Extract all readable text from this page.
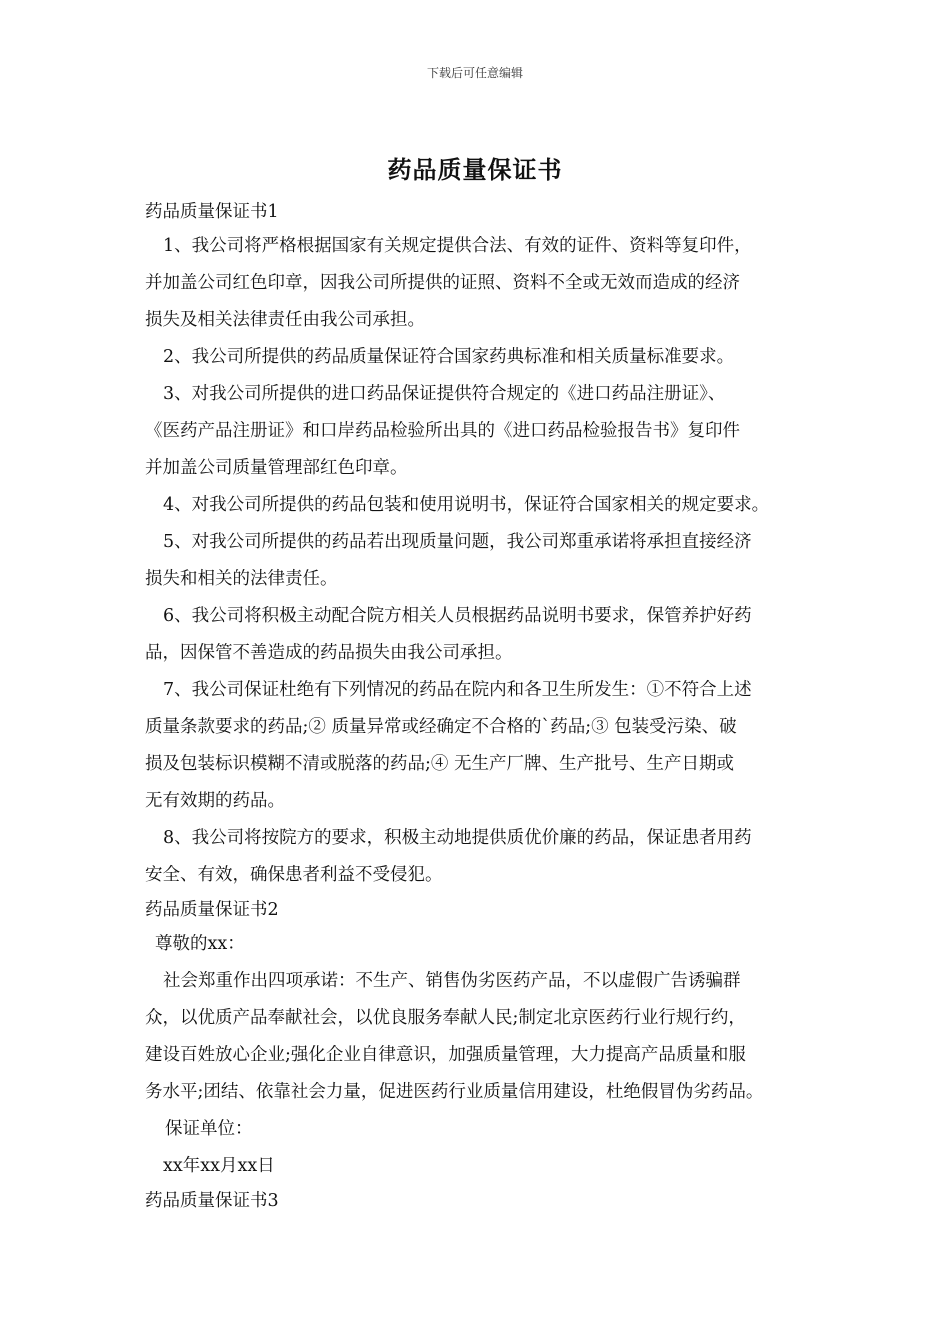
下载后可任意编辑
药品质量保证书
药品质量保证书1
1、我公司将严格根据国家有关规定提供合法、有效的证件、资料等复印件，
并加盖公司红色印章，因我公司所提供的证照、资料不全或无效而造成的经济
损失及相关法律责任由我公司承担。
2、我公司所提供的药品质量保证符合国家药典标准和相关质量标准要求。
3、对我公司所提供的进口药品保证提供符合规定的《进口药品注册证》、
《医药产品注册证》和口岸药品检验所出具的《进口药品检验报告书》复印件
并加盖公司质量管理部红色印章。
4、对我公司所提供的药品包装和使用说明书，保证符合国家相关的规定要求。
5、对我公司所提供的药品若出现质量问题，我公司郑重承诺将承担直接经济
损失和相关的法律责任。
6、我公司将积极主动配合院方相关人员根据药品说明书要求，保管养护好药
品，因保管不善造成的药品损失由我公司承担。
7、我公司保证杜绝有下列情况的药品在院内和各卫生所发生：①不符合上述
质量条款要求的药品;② 质量异常或经确定不合格的`药品;③ 包装受污染、破
损及包装标识模糊不清或脱落的药品;④ 无生产厂牌、生产批号、生产日期或
无有效期的药品。
8、我公司将按院方的要求，积极主动地提供质优价廉的药品，保证患者用药
安全、有效，确保患者利益不受侵犯。
药品质量保证书2
尊敬的xx：
社会郑重作出四项承诺：不生产、销售伪劣医药产品，不以虚假广告诱骗群
众，以优质产品奉献社会，以优良服务奉献人民;制定北京医药行业行规行约，
建设百姓放心企业;强化企业自律意识，加强质量管理，大力提高产品质量和服
务水平;团结、依靠社会力量，促进医药行业质量信用建设，杜绝假冒伪劣药品。
保证单位：
xx年xx月xx日
药品质量保证书3
